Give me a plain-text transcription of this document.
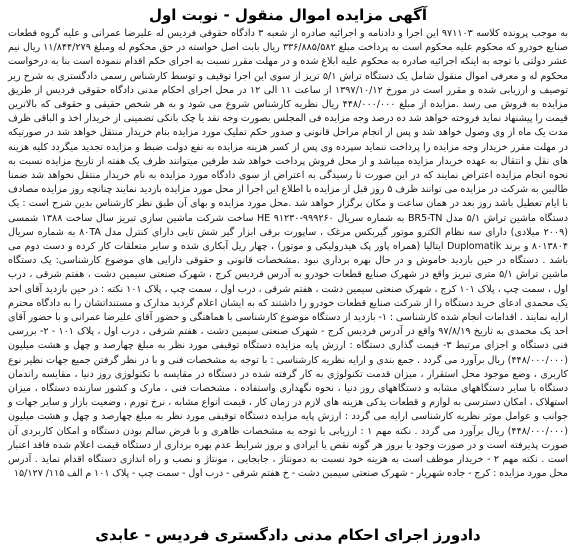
آگهی مزایده اموال منقول - نوبت اول

به موجب پرونده کلاسه ۹۷۱۱۰۳ این اجرا و دادنامه و اجرائیه صادره از شعبه ۳ دادگاه حقوقی فردیس له علیرضا عمرانی و علیه گروه قطعات صنایع خودرو که محکوم علیه محکوم است به پرداخت مبلغ ۳۳۶/۸۸۵/۵۸۲ ریال بابت اصل خواسته در حق محکوم له ومبلغ ۱۱/۸۴۴/۲۷۹ ریال نیم عشر دولتی با توجه به اینکه اجرائیه صادره به محکوم علیه ابلاغ شده و در مهلت مقرر نسبت به اجرای حکم اقدام ننموده است بنا به درخواست محکوم له و معرفی اموال منقول شامل یک دستگاه تراش ۵/۱ تریز از سوی این اجرا توقیف و توسط کارشناس رسمی دادگستری به شرح زیر توصیف و ارزیابی شده و مقرر است در مورخ ۱۳۹۷/۱۰/۱۲ از ساعت ۱۱ الی ۱۲ در محل اجرای احکام مدنی دادگاه حقوقی فردیس از طریق مزایده به فروش می رسد .مزایده از مبلغ ۴۴۸/۰۰۰/۰۰۰ ریال نظریه کارشناس شروع می شود و به هر شخص حقیقی و حقوقی که بالاترین قیمت را پیشنهاد نماید فروخته خواهد شد ده درصد وجه مزایده فی المجلس بصورت وجه نقد یا چک بانکی تضمینی از خریدار اخذ و الباقی ظرف مدت یک ماه از وی وصول خواهد شد و پس از انجام مراحل قانونی و صدور حکم تملیک مورد مزایده بنام خریدار منتقل خواهد شد در صورتیکه در مهلت مقرر خریدار وجه مزایده را پرداخت ننماید سپرده وی پس از کسر هزینه مزایده به نفع دولت ضبط و مزایده تجدید میگردد کلیه هزینه های نقل و انتقال به عهده خریدار مزایده میباشد و از محل فروش پرداخت خواهد شد طرفین میتوانند ظرف یک هفته از تاریخ مزایده نسبت به نحوه انجام مزایده اعتراض نمایند که در این صورت تا رسیدگی به اعتراض از سوی دادگاه مورد مزایده به نام خریدار منتقل نخواهد شد ضمنا طالبین به شرکت در مزایده می توانند ظرف ۵ روز قبل از مزایده با اطلاع این اجرا از محل مورد مزایده بازدید نمایند چنانچه روز مزایده مصادف با ایام تعطیل باشد روز بعد در همان ساعت و مکان برگزار خواهد شد .محل مورد مزایده و بهای آن طبق نظر کارشناس بدین شرح است : یک دستگاه ماشین تراش ۵/۱ مدل BR5-TN به شماره سریال ۹۹۹۲۶۰-۹۱۲۳۰ HE ساخت شرکت ماشین سازی تبریز سال ساخت ۱۳۸۸ شمسی (۲۰۰۹ میلادی) دارای سه نظام الکترو موتور گیربکس مرغک ، ساپورت برقی ابزار گیر شش تایی دارای کنترل مدل ۸۰TA به شماره سریال ۸۰۱۳۸۰۴ و برند Duplomatik ایتالیا (همراه پاور پک هیدرولیکی و موتور) ، چهار ریل آبکاری شده و سایر متعلقات کار کرده و دست دوم می باشد . دستگاه در حین بازدید خاموش و در حال بهره برداری نبود .مشخصات قانونی و حقوقی دارایی های موضوع کارشناسی: یک دستگاه ماشین تراش ۵/۱ متری تبریز واقع در شهرک صنایع قطعات خودرو به آدرس فردیس کرج ، شهرک صنعتی سیمین دشت ، هفتم شرقی ، درب اول ، سمت چپ ، پلاک ۱۰۱ کرج ، شهرک صنعتی سیمین دشت ، هفتم شرقی ، درب اول ، سمت چپ ، پلاک ۱۰۱ نکته : در حین بازدید آقای احد یک محمدی ادعای خرید دستگاه را از شرکت صنایع قطعات خودرو را داشتند که به ایشان اعلام گردید مدارک و مستنداتشان را به دادگاه محترم ارایه نمایند . اقدامات انجام شده کارشناسی : ۱- بازدید از دستگاه موضوع کارشناسی با هماهنگی و حضور آقای علیرضا عمرانی و با حضور آقای احد یک محمدی به تاریخ ۹۷/۸/۱۹ واقع در آدرس فردیس کرج - شهرک صنعتی سیمین دشت ، هفتم شرقی ، درب اول ، پلاک ۱۰۱ - ۲- بررسی فنی دستگاه و اجزای مرتبط ۳- قیمت گذاری دستگاه : ارزش پایه مزایده دستگاه توقیفی مورد نظر به مبلغ چهارصد و چهل و هشت میلیون (۴۴۸/۰۰۰/۰۰۰) ریال برآورد می گردد . جمع بندی و ارایه نظریه کارشناسی : با توجه به مشخصات فنی و با در نظر گرفتن جمیع جهات نظیر نوع کاربری ، وضع موجود محل استقرار ، میزان قدمت تکنولوژی به کار گرفته شده در دستگاه در مقایسه با تکنولوژی روز دنیا ، مقایسه راندمان دستگاه با سایر دستگاههای مشابه و دستگاههای روز دنیا ، نحوه نگهداری واستفاده ، مشخصات فنی ، مارک و کشور سازنده دستگاه ، میزان استهلاک ، امکان دسترسی به لوازم و قطعات یدکی هزینه های لازم در زمان کار ، قیمت انواع مشابه ، نرخ تورم ، وضعیت بازار و سایر جهات و جوانب و عوامل موثر نظریه کارشناسی ارایه می گردد : ارزش پایه مزایده دستگاه توقیفی مورد نظر به مبلغ چهارصد و چهل و هشت میلیون (۴۴۸/۰۰۰/۰۰۰) ریال برآورد می گردد . نکته مهم ۱ : ارزیابی با توجه به مشخصات ظاهری و با فرض سالم بودن دستگاه و امکان کاربردی آن صورت پذیرفته است و در صورت وجود یا بروز هر گونه نقص یا ایرادی و بروز شرایط عدم بهره برداری از دستگاه قیمت اعلام شده فاقد اعتبار است . نکته مهم ۲ - خریدار موظف است به هزینه خود نسبت به دمونتاژ ، جابجایی ، مونتاژ و نصب و راه اندازی دستگاه اقدام نماید . آدرس محل مورد مزایده : کرج - جاده شهریار - شهرک صنعتی سیمین دشت - خ هفتم شرقی - درب اول - سمت چپ - پلاک ۱۰۱ م الف ۱۱۵/ ۱۵/۱۲۷

دادورز اجرای احکام مدنی دادگستری فردیس - عابدی
